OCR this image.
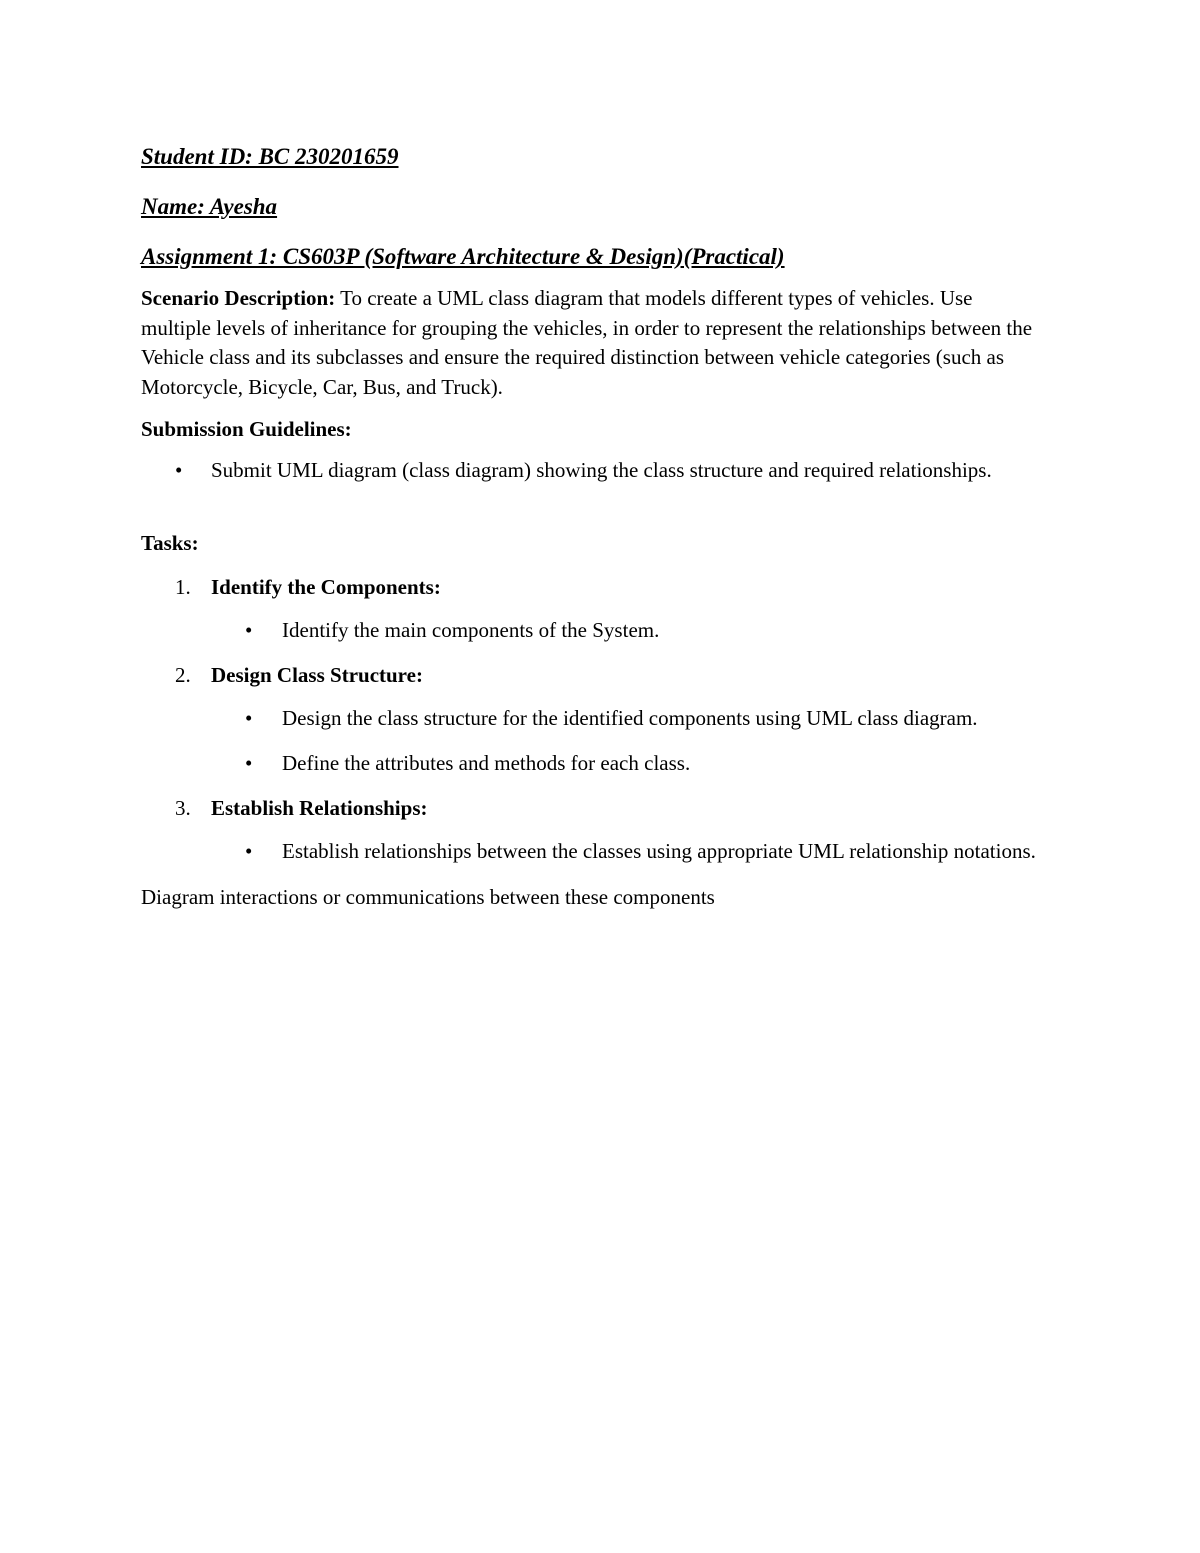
Student ID: BC 230201659

Name: Ayesha

Assignment 1: CS603P (Software Architecture & Design)(Practical)

Scenario Description: To create a UML class diagram that models different types of vehicles. Use multiple levels of inheritance for grouping the vehicles, in order to represent the relationships between the Vehicle class and its subclasses and ensure the required distinction between vehicle categories (such as Motorcycle, Bicycle, Car, Bus, and Truck).

Submission Guidelines:

• Submit UML diagram (class diagram) showing the class structure and required relationships.

Tasks:

1. Identify the Components:
• Identify the main components of the System.
2. Design Class Structure:
• Design the class structure for the identified components using UML class diagram.
• Define the attributes and methods for each class.
3. Establish Relationships:
• Establish relationships between the classes using appropriate UML relationship notations.

Diagram interactions or communications between these components
